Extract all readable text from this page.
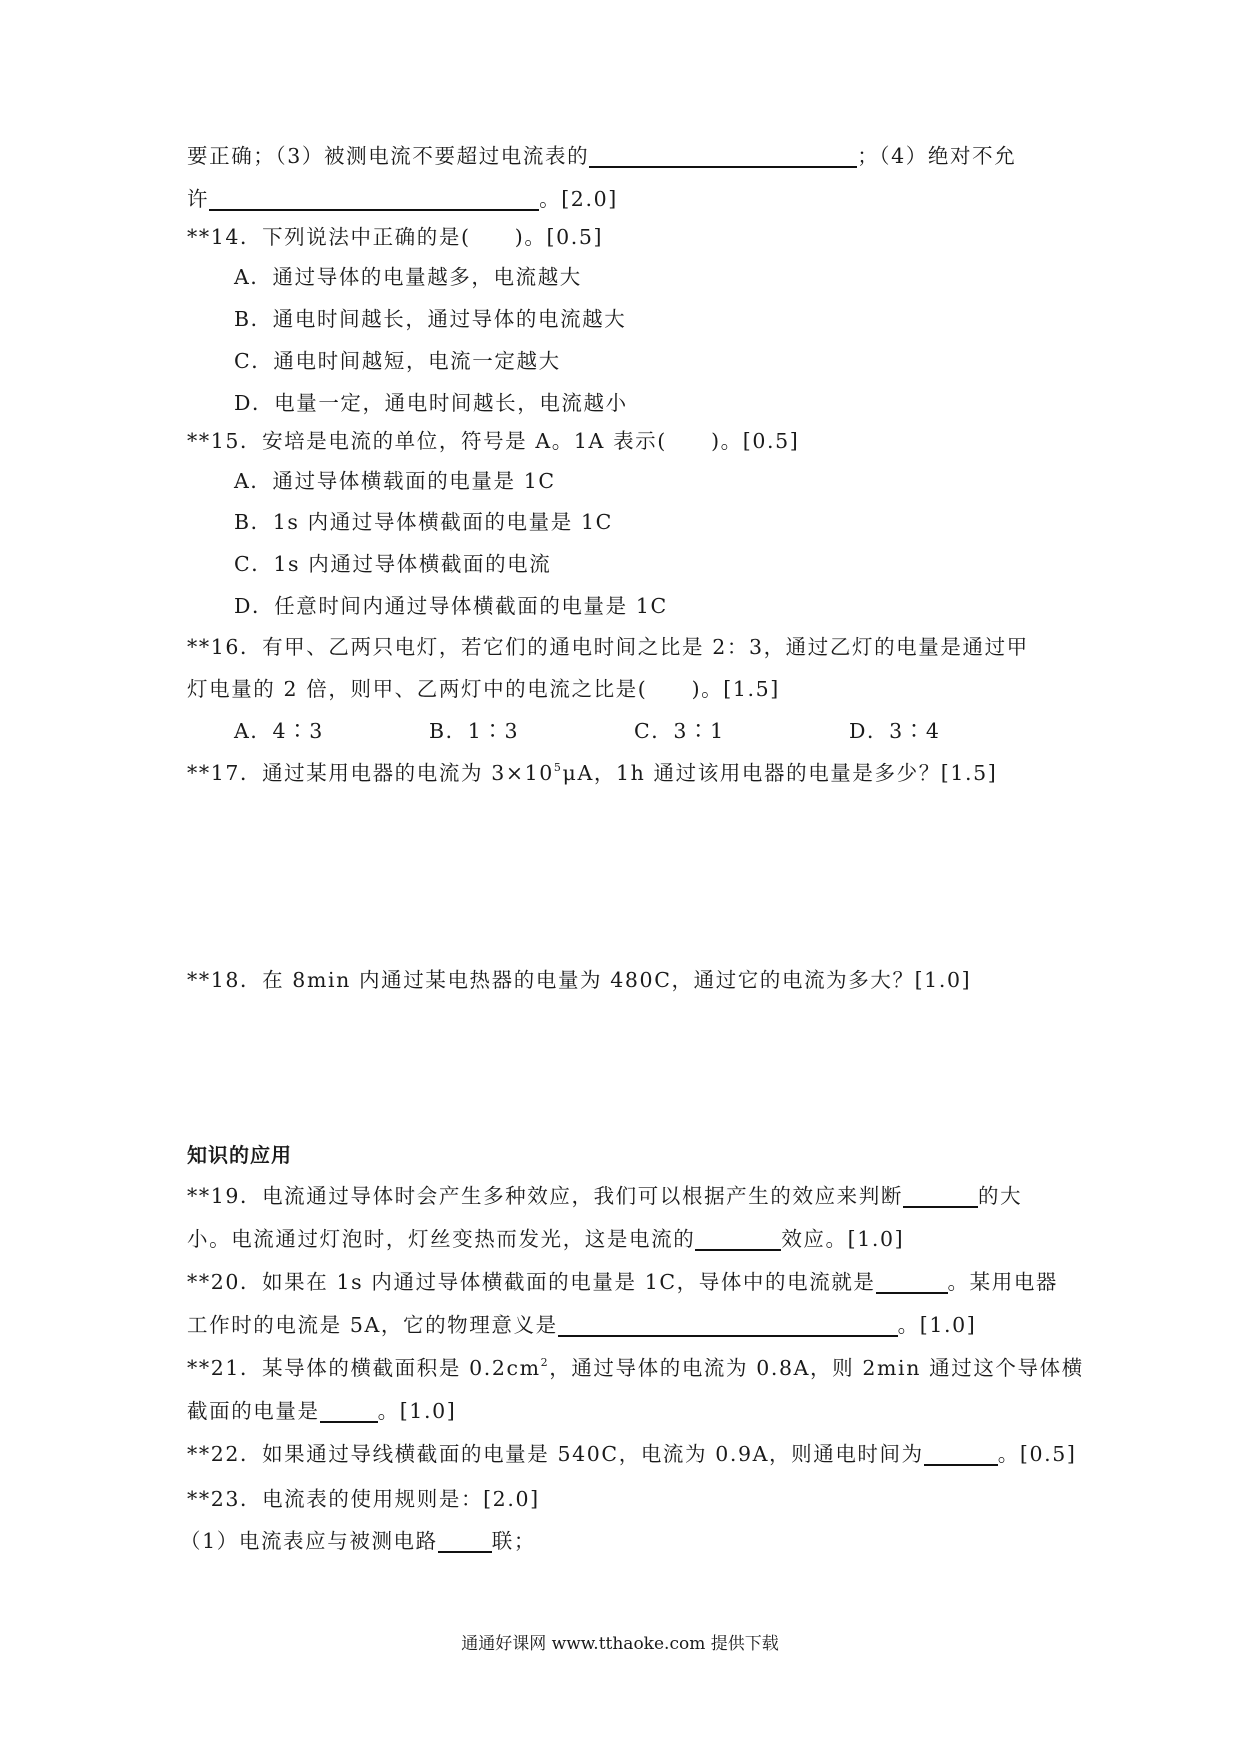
要正确；（3）被测电流不要超过电流表的	；（4）绝对不允
许	。[2.0]
**14．下列说法中正确的是(　　)。[0.5]
A．通过导体的电量越多，电流越大
B．通电时间越长，通过导体的电流越大
C．通电时间越短，电流一定越大
D．电量一定，通电时间越长，电流越小
**15．安培是电流的单位，符号是 A。1A 表示(　　)。[0.5]
A．通过导体横载面的电量是 1C
B．1s 内通过导体横截面的电量是 1C
C．1s 内通过导体横截面的电流
D．任意时间内通过导体横截面的电量是 1C
**16．有甲、乙两只电灯，若它们的通电时间之比是 2：3，通过乙灯的电量是通过甲
灯电量的 2 倍，则甲、乙两灯中的电流之比是(　　)。[1.5]
A．4∶3	B．1∶3	C．3∶1	D．3∶4
**17．通过某用电器的电流为 $3\times 10^5\mu A$，1h 通过该用电器的电量是多少？[1.5]
**18．在 8min 内通过某电热器的电量为 480C，通过它的电流为多大？[1.0]
知识的应用
**19．电流通过导体时会产生多种效应，我们可以根据产生的效应来判断	的大
小。电流通过灯泡时，灯丝变热而发光，这是电流的	效应。[1.0]
**20．如果在 1s 内通过导体横截面的电量是 1C，导体中的电流就是	。某用电器
工作时的电流是 5A，它的物理意义是	。[1.0]
**21．某导体的横截面积是 $0.2cm^2$，通过导体的电流为 0.8A，则 2min 通过这个导体横
截面的电量是	。[1.0]
**22．如果通过导线横截面的电量是 540C，电流为 0.9A，则通电时间为	。[0.5]
**23．电流表的使用规则是：[2.0]
（1）电流表应与被测电路	联；
通通好课网 www.tthaoke.com 提供下载
